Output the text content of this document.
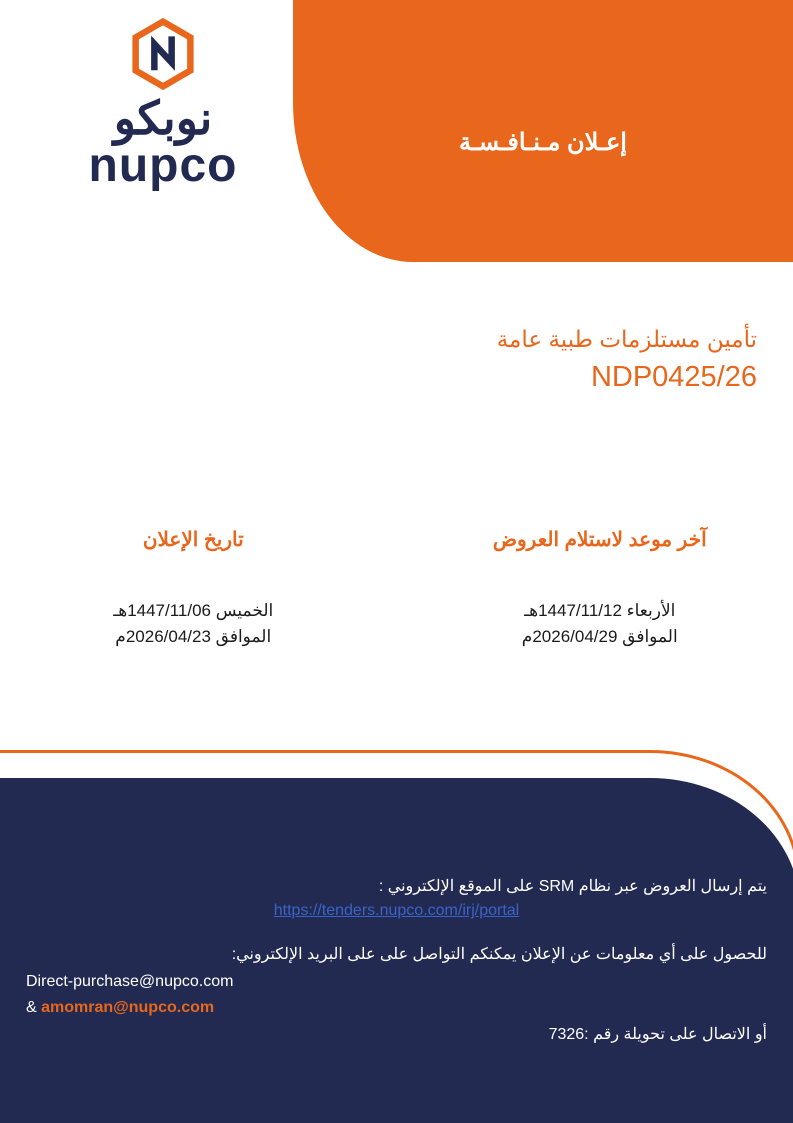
إعـلان مـنـافـسـة
نوبكو
nupco
تأمين مستلزمات طبية عامة
NDP0425/26
آخر موعد لاستلام العروض
الأربعاء 1447/11/12هـ
الموافق 2026/04/29م
تاريخ الإعلان
الخميس 1447/11/06هـ
الموافق 2026/04/23م
يتم إرسال العروض عبر نظام SRM على الموقع الإلكتروني :
https://tenders.nupco.com/irj/portal
للحصول على أي معلومات عن الإعلان يمكنكم التواصل على على البريد الإلكتروني:
Direct-purchase@nupco.com
amomran@nupco.com &
أو الاتصال على تحويلة رقم :7326
